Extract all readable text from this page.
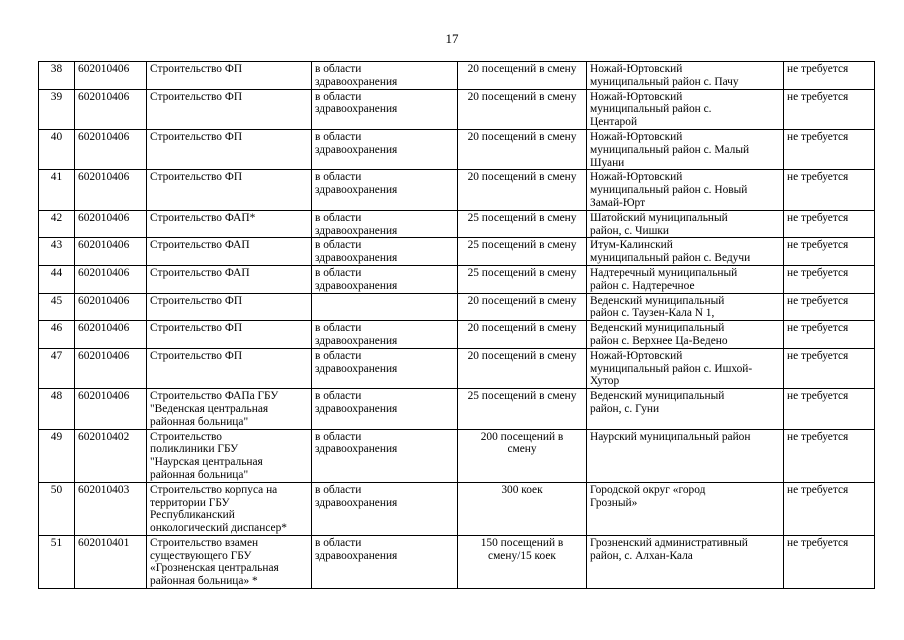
17
38	602010406	Строительство ФП	в области
здравоохранения	20 посещений в смену	Ножай-Юртовский
муниципальный район с. Пачу	не требуется
39	602010406	Строительство ФП	в области
здравоохранения	20 посещений в смену	Ножай-Юртовский
муниципальный район с.
Центарой	не требуется
40	602010406	Строительство ФП	в области
здравоохранения	20 посещений в смену	Ножай-Юртовский
муниципальный район с. Малый
Шуани	не требуется
41	602010406	Строительство ФП	в области
здравоохранения	20 посещений в смену	Ножай-Юртовский
муниципальный район с. Новый
Замай-Юрт	не требуется
42	602010406	Строительство ФАП*	в области
здравоохранения	25 посещений в смену	Шатойский муниципальный
район, с. Чишки	не требуется
43	602010406	Строительство ФАП	в области
здравоохранения	25 посещений в смену	Итум-Калинский
муниципальный район с. Ведучи	не требуется
44	602010406	Строительство ФАП	в области
здравоохранения	25 посещений в смену	Надтеречный муниципальный
район с. Надтеречное	не требуется
45	602010406	Строительство ФП		20 посещений в смену	Веденский муниципальный
район с. Таузен-Кала N 1,	не требуется
46	602010406	Строительство ФП	в области
здравоохранения	20 посещений в смену	Веденский муниципальный
район с. Верхнее Ца-Ведено	не требуется
47	602010406	Строительство ФП	в области
здравоохранения	20 посещений в смену	Ножай-Юртовский
муниципальный район с. Ишхой-
Хутор	не требуется
48	602010406	Строительство ФАПа ГБУ
"Веденская центральная
районная больница"	в области
здравоохранения	25 посещений в смену	Веденский муниципальный
район, с. Гуни	не требуется
49	602010402	Строительство
поликлиники ГБУ
"Наурская центральная
районная больница"	в области
здравоохранения	200 посещений в
смену	Наурский муниципальный район	не требуется
50	602010403	Строительство корпуса на
территории ГБУ
Республиканский
онкологический диспансер*	в области
здравоохранения	300 коек	Городской округ «город
Грозный»	не требуется
51	602010401	Строительство взамен
существующего ГБУ
«Грозненская центральная
районная больница» *	в области
здравоохранения	150 посещений в
смену/15 коек	Грозненский административный
район, с. Алхан-Кала	не требуется
